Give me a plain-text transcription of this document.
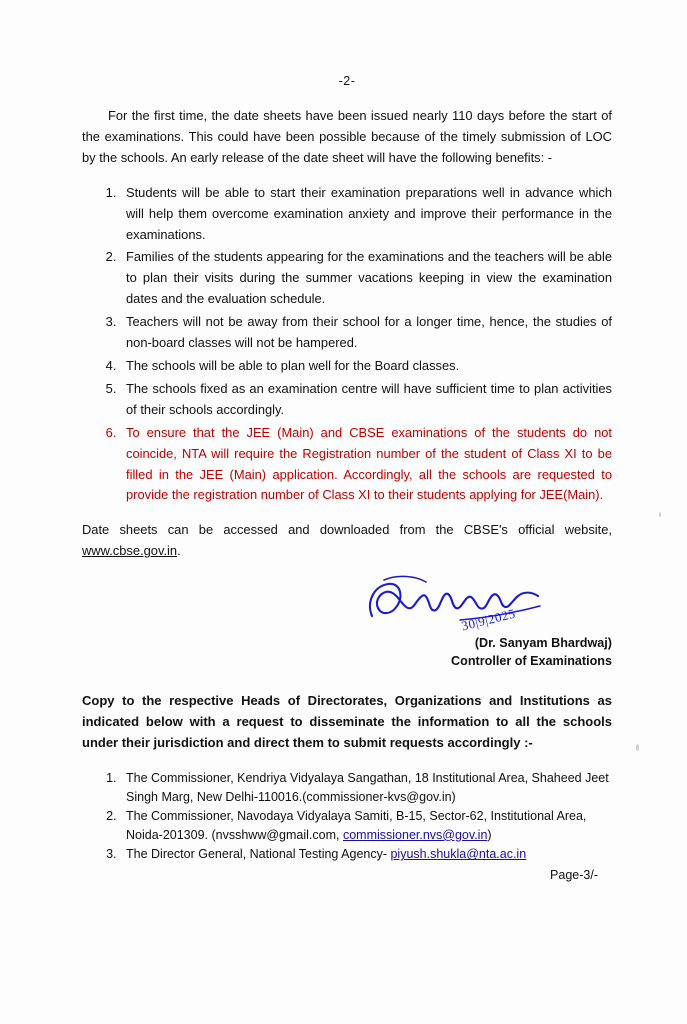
-2-
For the first time, the date sheets have been issued nearly 110 days before the start of the examinations. This could have been possible because of the timely submission of LOC by the schools. An early release of the date sheet will have the following benefits: -
1. Students will be able to start their examination preparations well in advance which will help them overcome examination anxiety and improve their performance in the examinations.
2. Families of the students appearing for the examinations and the teachers will be able to plan their visits during the summer vacations keeping in view the examination dates and the evaluation schedule.
3. Teachers will not be away from their school for a longer time, hence, the studies of non-board classes will not be hampered.
4. The schools will be able to plan well for the Board classes.
5. The schools fixed as an examination centre will have sufficient time to plan activities of their schools accordingly.
6. To ensure that the JEE (Main) and CBSE examinations of the students do not coincide, NTA will require the Registration number of the student of Class XI to be filled in the JEE (Main) application. Accordingly, all the schools are requested to provide the registration number of Class XI to their students applying for JEE(Main).
Date sheets can be accessed and downloaded from the CBSE's official website, www.cbse.gov.in.
30|9|2025
(Dr. Sanyam Bhardwaj)
Controller of Examinations
Copy to the respective Heads of Directorates, Organizations and Institutions as indicated below with a request to disseminate the information to all the schools under their jurisdiction and direct them to submit requests accordingly :-
1. The Commissioner, Kendriya Vidyalaya Sangathan, 18 Institutional Area, Shaheed Jeet Singh Marg, New Delhi-110016.(commissioner-kvs@gov.in)
2. The Commissioner, Navodaya Vidyalaya Samiti, B-15, Sector-62, Institutional Area, Noida-201309. (nvsshww@gmail.com, commissioner.nvs@gov.in)
3. The Director General, National Testing Agency- piyush.shukla@nta.ac.in
Page-3/-
